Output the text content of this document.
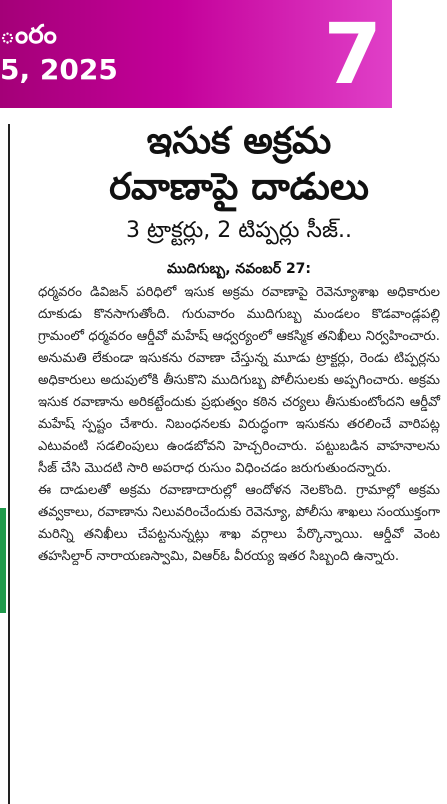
ంరం
5, 2025 7
ఇసుక అక్రమ
రవాణాపై దాడులు
3 ట్రాక్టర్లు, 2 టిప్పర్లు సీజ్..
ముదిగుబ్బ, నవంబర్ 27:

ధర్మవరం డివిజన్ పరిధిలో ఇసుక అక్రమ రవాణాపై రెవెన్యూశాఖ అధికారుల దూకుడు కొనసాగుతోంది. గురువారం ముదిగుబ్బ మండలం కొడవాండ్లపల్లి గ్రామంలో ధర్మవరం ఆర్డీవో మహేష్ ఆధ్వర్యంలో ఆకస్మిక తనిఖీలు నిర్వహించారు. అనుమతి లేకుండా ఇసుకను రవాణా చేస్తున్న మూడు ట్రాక్టర్లు, రెండు టిప్పర్లను అధికారులు అదుపులోకి తీసుకొని ముదిగుబ్బ పోలీసులకు అప్పగించారు. అక్రమ ఇసుక రవాణాను అరికట్టేందుకు ప్రభుత్వం కఠిన చర్యలు తీసుకుంటోందని ఆర్డీవో మహేష్ స్పష్టం చేశారు. నిబంధనలకు విరుద్ధంగా ఇసుకను తరలించే వారిపట్ల ఎటువంటి సడలింపులు ఉండబోవని హెచ్చరించారు. పట్టుబడిన వాహనాలను సీజ్ చేసి మొదటి సారి అపరాధ రుసుం విధించడం జరుగుతుందన్నారు.

ఈ దాడులతో అక్రమ రవాణాదారుల్లో ఆందోళన నెలకొంది. గ్రామాల్లో అక్రమ తవ్వకాలు, రవాణాను నిలువరించేందుకు రెవెన్యూ, పోలీసు శాఖలు సంయుక్తంగా మరిన్ని తనిఖీలు చేపట్టనున్నట్లు శాఖ వర్గాలు పేర్కొన్నాయి. ఆర్డీవో వెంట తహసిల్దార్ నారాయణస్వామి, విఆర్ఓ వీరయ్య ఇతర సిబ్బంది ఉన్నారు.
